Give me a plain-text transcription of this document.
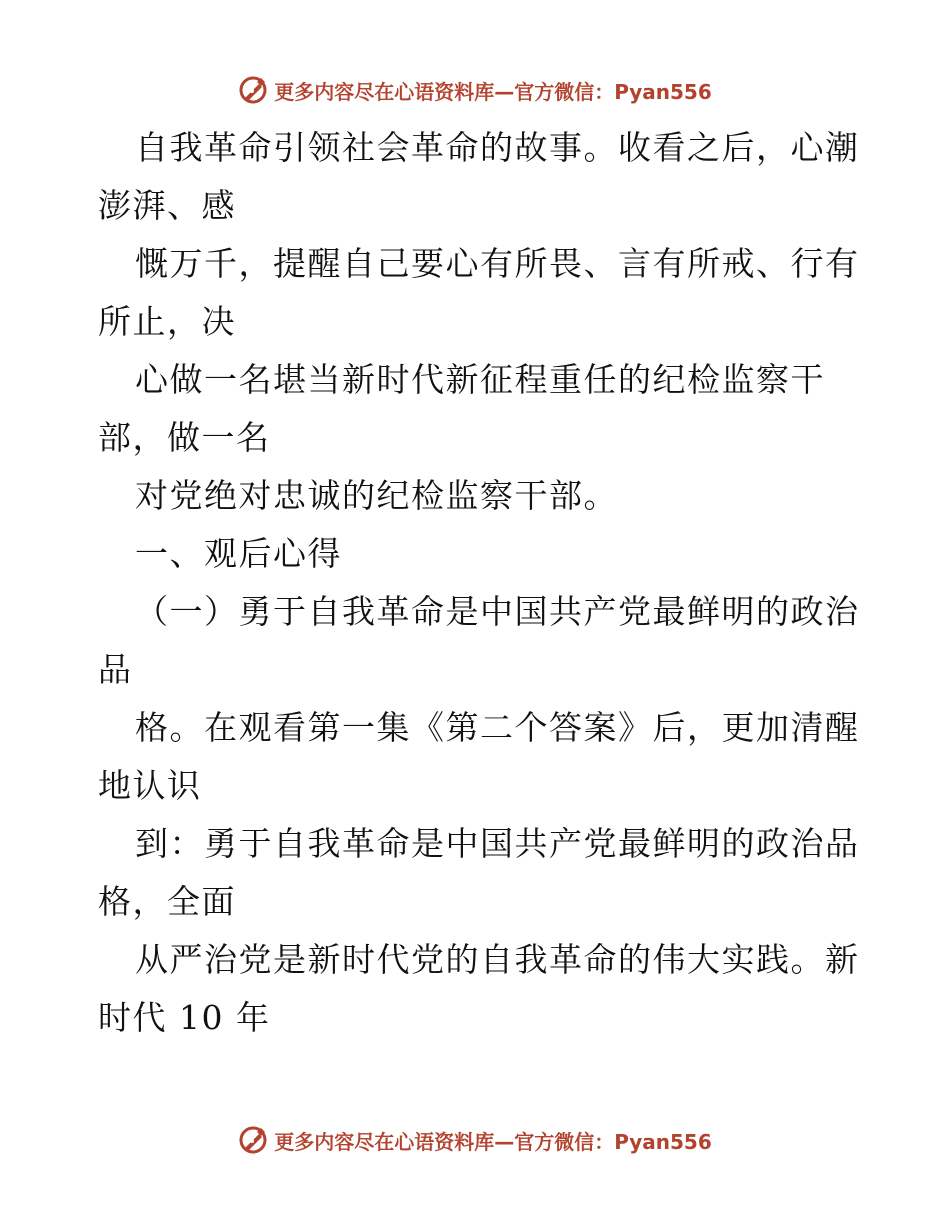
更多内容尽在心语资料库—官方微信：Pyan556
自我革命引领社会革命的故事。收看之后，心潮
澎湃、感
慨万千，提醒自己要心有所畏、言有所戒、行有
所止，决
心做一名堪当新时代新征程重任的纪检监察干
部，做一名
对党绝对忠诚的纪检监察干部。
一、观后心得
（一）勇于自我革命是中国共产党最鲜明的政治
品
格。在观看第一集《第二个答案》后，更加清醒
地认识
到：勇于自我革命是中国共产党最鲜明的政治品
格，全面
从严治党是新时代党的自我革命的伟大实践。新
时代 10 年
更多内容尽在心语资料库—官方微信：Pyan556
